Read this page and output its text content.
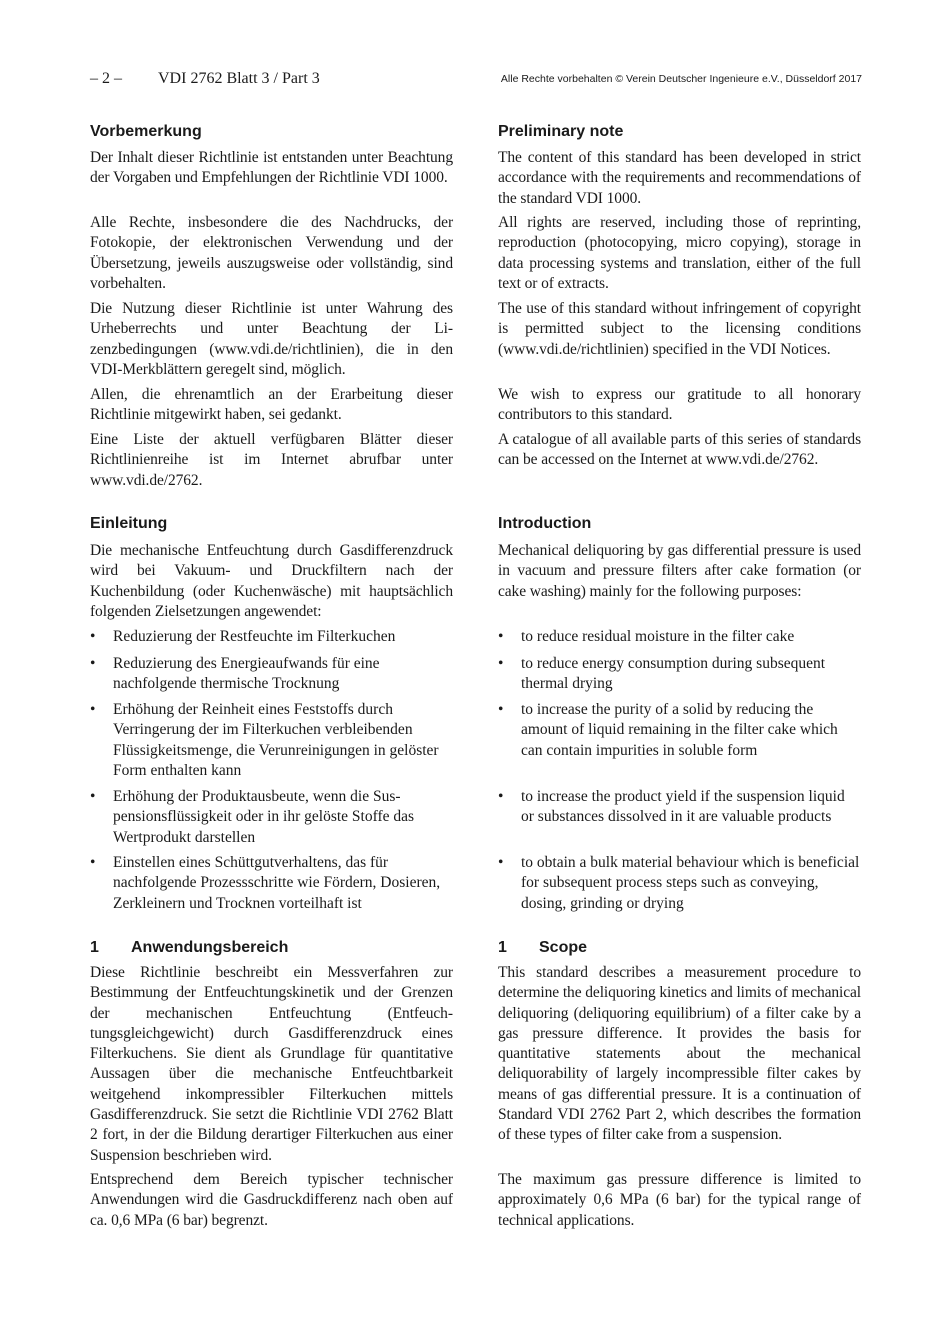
– 2 – VDI 2762 Blatt 3 / Part 3	Alle Rechte vorbehalten © Verein Deutscher Ingenieure e.V., Düsseldorf 2017
Vorbemerkung

Der Inhalt dieser Richtlinie ist entstanden unter Beachtung der Vorgaben und Empfehlungen der Richtlinie VDI 1000.

Alle Rechte, insbesondere die des Nachdrucks, der Fotokopie, der elektronischen Verwendung und der Übersetzung, jeweils auszugsweise oder vollständig, sind vorbehalten.

Die Nutzung dieser Richtlinie ist unter Wahrung des Urheberrechts und unter Beachtung der Lizenzbedingungen (www.vdi.de/richtlinien), die in den VDI-Merkblättern geregelt sind, möglich.

Allen, die ehrenamtlich an der Erarbeitung dieser Richtlinie mitgewirkt haben, sei gedankt.

Eine Liste der aktuell verfügbaren Blätter dieser Richtlinienreihe ist im Internet abrufbar unter www.vdi.de/2762.

Einleitung

Die mechanische Entfeuchtung durch Gasdifferenzdruck wird bei Vakuum- und Druckfiltern nach der Kuchenbildung (oder Kuchenwäsche) mit hauptsächlich folgenden Zielsetzungen angewendet:

• Reduzierung der Restfeuchte im Filterkuchen
• Reduzierung des Energieaufwands für eine nachfolgende thermische Trocknung
• Erhöhung der Reinheit eines Feststoffs durch Verringerung der im Filterkuchen verbleibenden Flüssigkeitsmenge, die Verunreinigungen in gelöster Form enthalten kann
• Erhöhung der Produktausbeute, wenn die Suspensionsflüssigkeit oder in ihr gelöste Stoffe das Wertprodukt darstellen
• Einstellen eines Schüttgutverhaltens, das für nachfolgende Prozessschritte wie Fördern, Dosieren, Zerkleinern und Trocknen vorteilhaft ist
1 Anwendungsbereich

Diese Richtlinie beschreibt ein Messverfahren zur Bestimmung der Entfeuchtungskinetik und der Grenzen der mechanischen Entfeuchtung (Entfeuchtungsgleichgewicht) durch Gasdifferenzdruck eines Filterkuchens. Sie dient als Grundlage für quantitative Aussagen über die mechanische Entfeuchtbarkeit weitgehend inkompressibler Filterkuchen mittels Gasdifferenzdruck. Sie setzt die Richtlinie VDI 2762 Blatt 2 fort, in der die Bildung derartiger Filterkuchen aus einer Suspension beschrieben wird.

Entsprechend dem Bereich typischer technischer Anwendungen wird die Gasdruckdifferenz nach oben auf ca. 0,6 MPa (6 bar) begrenzt.

Preliminary note

The content of this standard has been developed in strict accordance with the requirements and recommendations of the standard VDI 1000.

All rights are reserved, including those of reprinting, reproduction (photocopying, micro copying), storage in data processing systems and translation, either of the full text or of extracts.

The use of this standard without infringement of copyright is permitted subject to the licensing conditions (www.vdi.de/richtlinien) specified in the VDI Notices.

We wish to express our gratitude to all honorary contributors to this standard.

A catalogue of all available parts of this series of standards can be accessed on the Internet at www.vdi.de/2762.

Introduction

Mechanical deliquoring by gas differential pressure is used in vacuum and pressure filters after cake formation (or cake washing) mainly for the following purposes:

• to reduce residual moisture in the filter cake
• to reduce energy consumption during subsequent thermal drying
• to increase the purity of a solid by reducing the amount of liquid remaining in the filter cake which can contain impurities in soluble form
• to increase the product yield if the suspension liquid or substances dissolved in it are valuable products
• to obtain a bulk material behaviour which is beneficial for subsequent process steps such as conveying, dosing, grinding or drying
1 Scope

This standard describes a measurement procedure to determine the deliquoring kinetics and limits of mechanical deliquoring (deliquoring equilibrium) of a filter cake by a gas pressure difference. It provides the basis for quantitative statements about the mechanical deliquorability of largely incompressible filter cakes by means of gas differential pressure. It is a continuation of Standard VDI 2762 Part 2, which describes the formation of these types of filter cake from a suspension.

The maximum gas pressure difference is limited to approximately 0,6 MPa (6 bar) for the typical range of technical applications.
